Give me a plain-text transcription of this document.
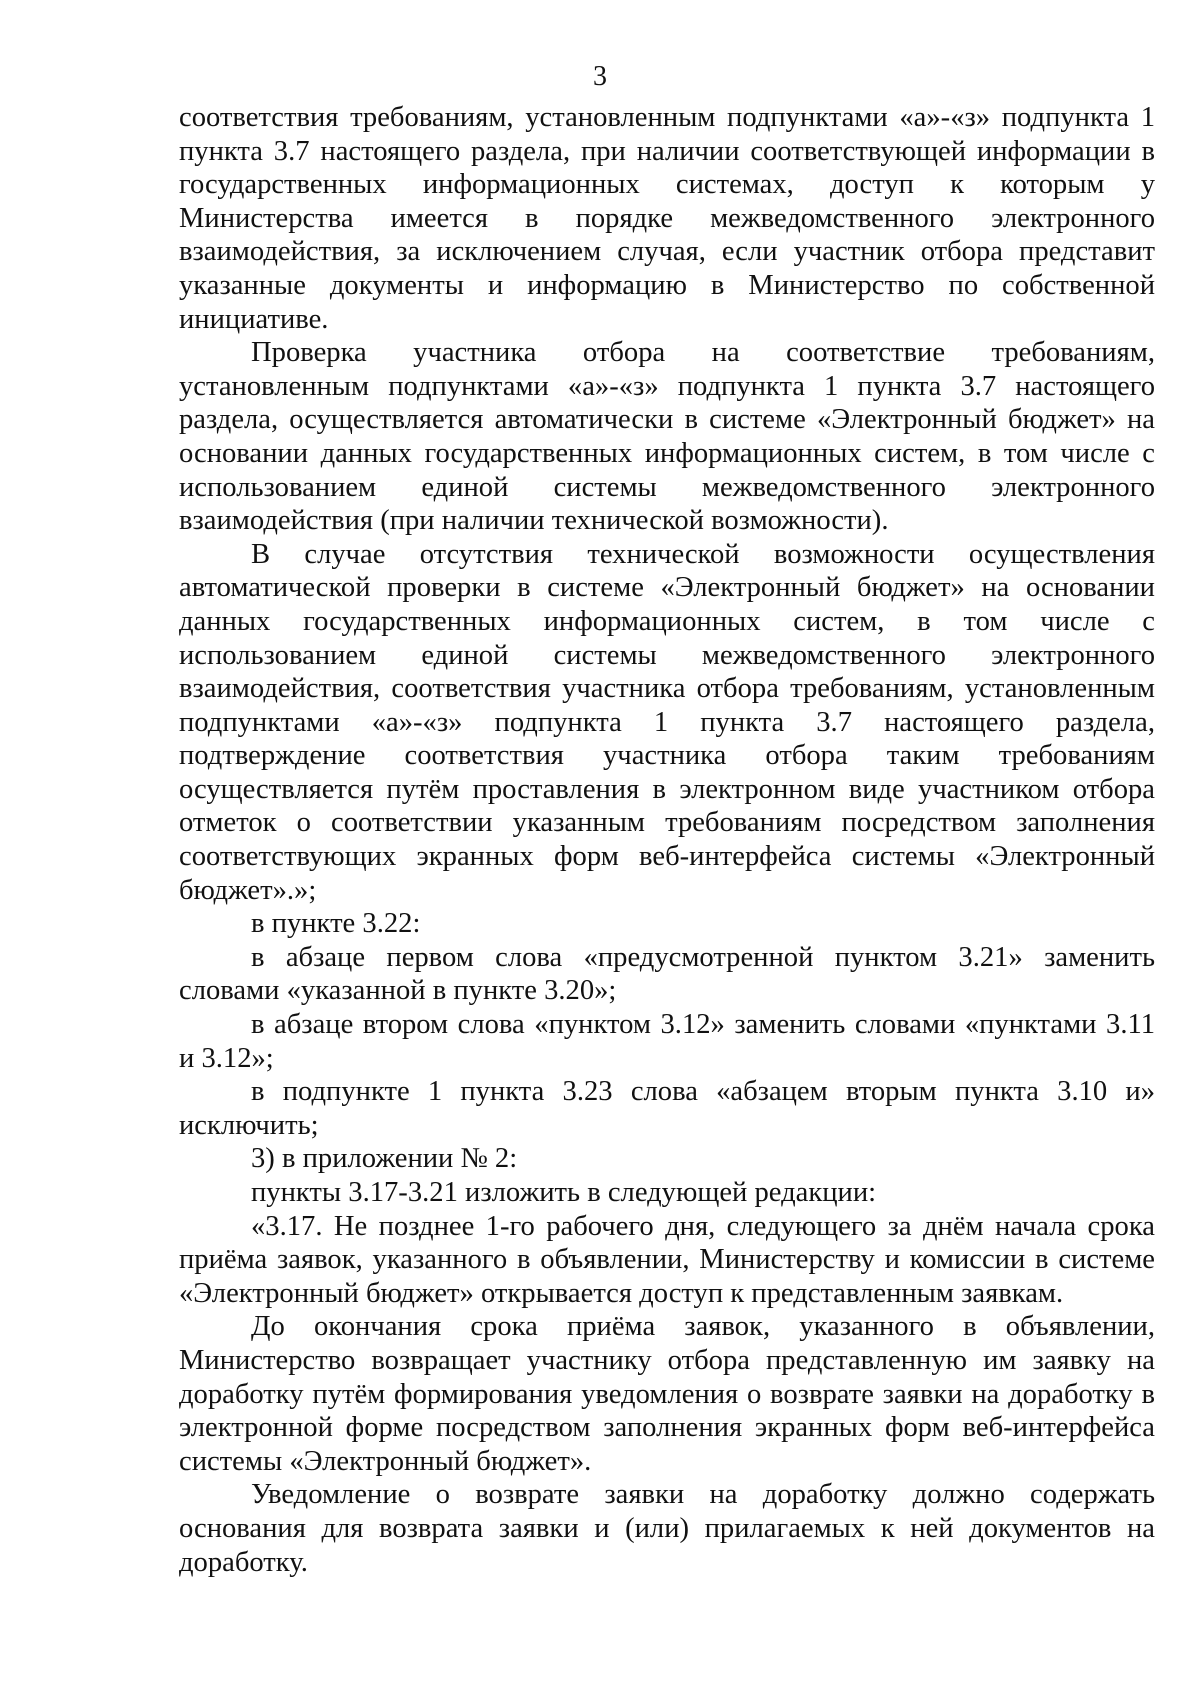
3

соответствия требованиям, установленным подпунктами «а»-«з» подпункта 1 пункта 3.7 настоящего раздела, при наличии соответствующей информации в государственных информационных системах, доступ к которым у Министерства имеется в порядке межведомственного электронного взаимодействия, за исключением случая, если участник отбора представит указанные документы и информацию в Министерство по собственной инициативе.

Проверка участника отбора на соответствие требованиям, установленным подпунктами «а»-«з» подпункта 1 пункта 3.7 настоящего раздела, осуществляется автоматически в системе «Электронный бюджет» на основании данных государственных информационных систем, в том числе с использованием единой системы межведомственного электронного взаимодействия (при наличии технической возможности).

В случае отсутствия технической возможности осуществления автоматической проверки в системе «Электронный бюджет» на основании данных государственных информационных систем, в том числе с использованием единой системы межведомственного электронного взаимодействия, соответствия участника отбора требованиям, установленным подпунктами «а»-«з» подпункта 1 пункта 3.7 настоящего раздела, подтверждение соответствия участника отбора таким требованиям осуществляется путём проставления в электронном виде участником отбора отметок о соответствии указанным требованиям посредством заполнения соответствующих экранных форм веб-интерфейса системы «Электронный бюджет».»;

в пункте 3.22:

в абзаце первом слова «предусмотренной пунктом 3.21» заменить словами «указанной в пункте 3.20»;

в абзаце втором слова «пунктом 3.12» заменить словами «пунктами 3.11 и 3.12»;

в подпункте 1 пункта 3.23 слова «абзацем вторым пункта 3.10 и» исключить;

3) в приложении № 2:

пункты 3.17-3.21 изложить в следующей редакции:

«3.17. Не позднее 1-го рабочего дня, следующего за днём начала срока приёма заявок, указанного в объявлении, Министерству и комиссии в системе «Электронный бюджет» открывается доступ к представленным заявкам.

До окончания срока приёма заявок, указанного в объявлении, Министерство возвращает участнику отбора представленную им заявку на доработку путём формирования уведомления о возврате заявки на доработку в электронной форме посредством заполнения экранных форм веб-интерфейса системы «Электронный бюджет».

Уведомление о возврате заявки на доработку должно содержать основания для возврата заявки и (или) прилагаемых к ней документов на доработку.
